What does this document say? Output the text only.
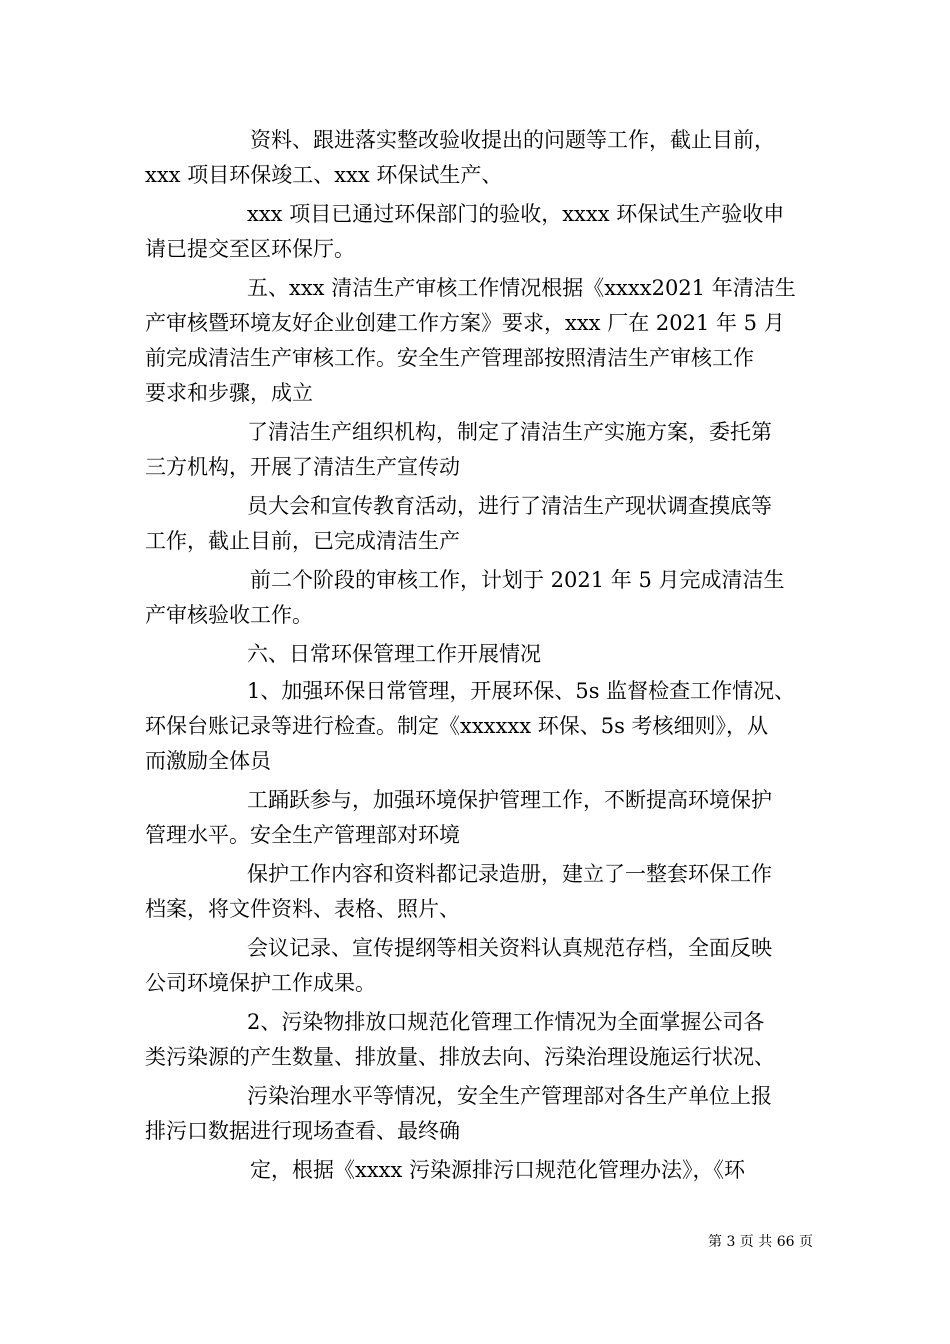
资料、跟进落实整改验收提出的问题等工作，截止目前，
xxx 项目环保竣工、xxx 环保试生产、
xxx 项目已通过环保部门的验收，xxxx 环保试生产验收申
请已提交至区环保厅。
五、xxx 清洁生产审核工作情况根据《xxxx2021 年清洁生
产审核暨环境友好企业创建工作方案》要求，xxx 厂在 2021 年 5 月
前完成清洁生产审核工作。安全生产管理部按照清洁生产审核工作
要求和步骤，成立
了清洁生产组织机构，制定了清洁生产实施方案，委托第
三方机构，开展了清洁生产宣传动
员大会和宣传教育活动，进行了清洁生产现状调查摸底等
工作，截止目前，已完成清洁生产
前二个阶段的审核工作，计划于 2021 年 5 月完成清洁生
产审核验收工作。
六、日常环保管理工作开展情况
1、加强环保日常管理，开展环保、5s 监督检查工作情况、
环保台账记录等进行检查。制定《xxxxxx 环保、5s 考核细则》，从
而激励全体员
工踊跃参与，加强环境保护管理工作，不断提高环境保护
管理水平。安全生产管理部对环境
保护工作内容和资料都记录造册，建立了一整套环保工作
档案，将文件资料、表格、照片、
会议记录、宣传提纲等相关资料认真规范存档，全面反映
公司环境保护工作成果。
2、污染物排放口规范化管理工作情况为全面掌握公司各
类污染源的产生数量、排放量、排放去向、污染治理设施运行状况、
污染治理水平等情况，安全生产管理部对各生产单位上报
排污口数据进行现场查看、最终确
定，根据《xxxx 污染源排污口规范化管理办法》，《环
第 3 页 共 66 页
